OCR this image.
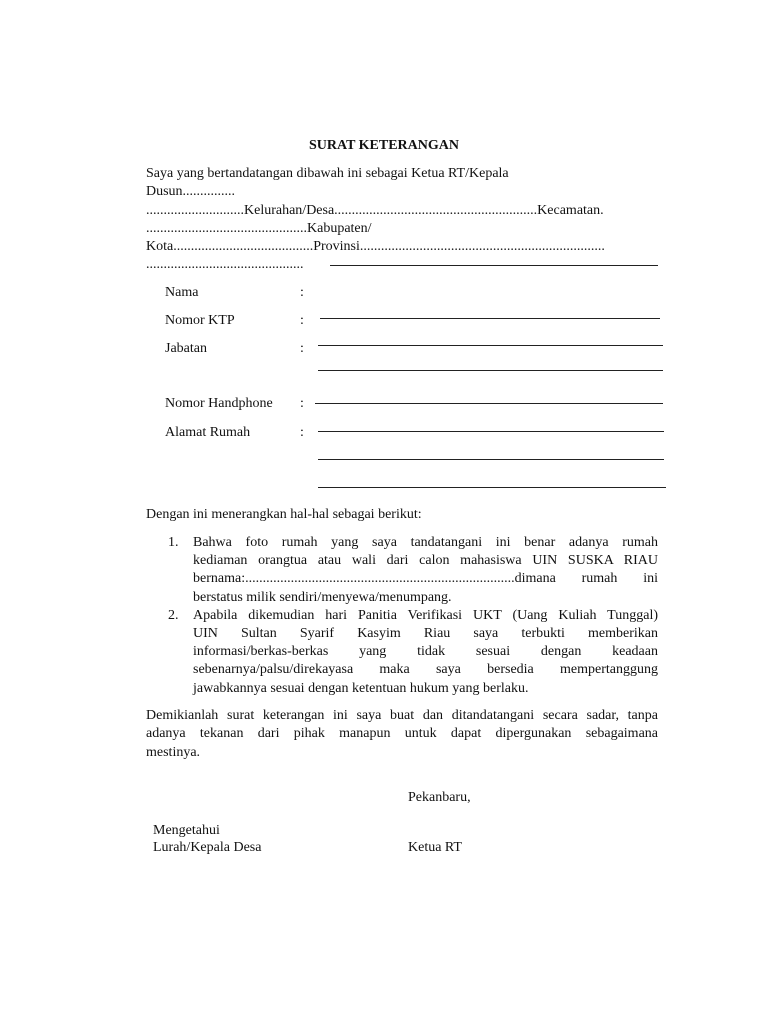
SURAT KETERANGAN
Saya yang bertandatangan dibawah ini sebagai Ketua RT/Kepala
Dusun...............
............................Kelurahan/Desa..........................................................Kecamatan.
..............................................Kabupaten/
Kota........................................Provinsi......................................................................
.............................................
Nama	:
Nomor KTP	:
Jabatan	:
Nomor Handphone :
Alamat Rumah	:
Dengan ini menerangkan hal-hal sebagai berikut:
1. Bahwa foto rumah yang saya tandatangani ini benar adanya rumah
kediaman orangtua atau wali dari calon mahasiswa UIN SUSKA RIAU
bernama:.............................................................................dimana rumah ini
berstatus milik sendiri/menyewa/menumpang.
2. Apabila dikemudian hari Panitia Verifikasi UKT (Uang Kuliah Tunggal)
UIN Sultan Syarif Kasyim Riau saya terbukti memberikan
informasi/berkas-berkas yang tidak sesuai dengan keadaan
sebenarnya/palsu/direkayasa maka saya bersedia mempertanggung
jawabkannya sesuai dengan ketentuan hukum yang berlaku.
Demikianlah surat keterangan ini saya buat dan ditandatangani secara sadar, tanpa
adanya tekanan dari pihak manapun untuk dapat dipergunakan sebagaimana
mestinya.
Pekanbaru,
Mengetahui
Lurah/Kepala Desa	Ketua RT
